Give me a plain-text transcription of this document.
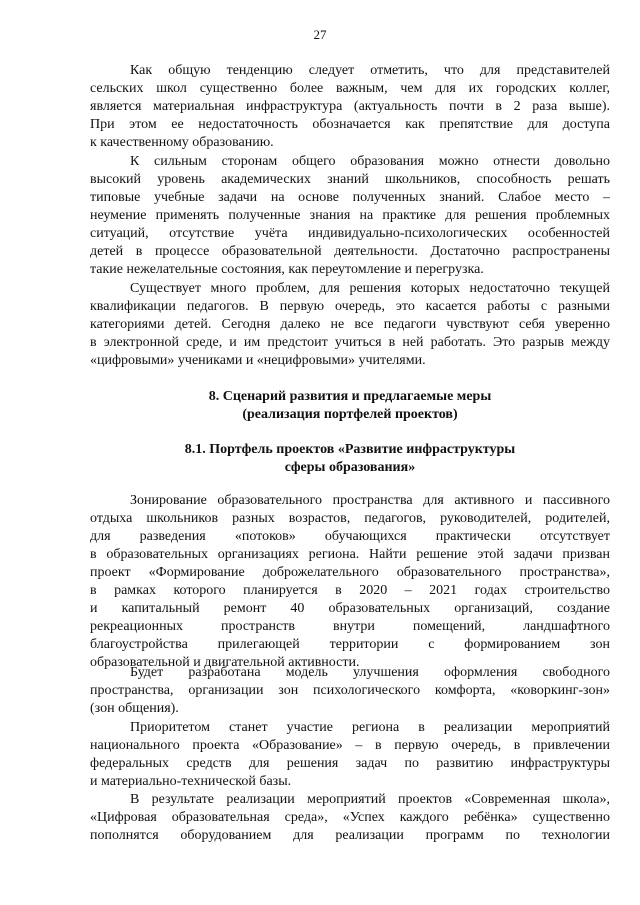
27
Как общую тенденцию следует отметить, что для представителей
сельских школ существенно более важным, чем для их городских коллег,
является материальная инфраструктура (актуальность почти в 2 раза выше).
При этом ее недостаточность обозначается как препятствие для доступа
к качественному образованию.
К сильным сторонам общего образования можно отнести довольно
высокий уровень академических знаний школьников, способность решать
типовые учебные задачи на основе полученных знаний. Слабое место –
неумение применять полученные знания на практике для решения проблемных
ситуаций, отсутствие учёта индивидуально-психологических особенностей
детей в процессе образовательной деятельности. Достаточно распространены
такие нежелательные состояния, как переутомление и перегрузка.
Существует много проблем, для решения которых недостаточно текущей
квалификации педагогов. В первую очередь, это касается работы с разными
категориями детей. Сегодня далеко не все педагоги чувствуют себя уверенно
в электронной среде, и им предстоит учиться в ней работать. Это разрыв между
«цифровыми» учениками и «нецифровыми» учителями.
8. Сценарий развития и предлагаемые меры
(реализация портфелей проектов)
8.1. Портфель проектов «Развитие инфраструктуры
сферы образования»
Зонирование образовательного пространства для активного и пассивного
отдыха школьников разных возрастов, педагогов, руководителей, родителей,
для разведения «потоков» обучающихся практически отсутствует
в образовательных организациях региона. Найти решение этой задачи призван
проект «Формирование доброжелательного образовательного пространства»,
в рамках которого планируется в 2020 – 2021 годах строительство
и капитальный ремонт 40 образовательных организаций, создание
рекреационных пространств внутри помещений, ландшафтного
благоустройства прилегающей территории с формированием зон
образовательной и двигательной активности.
Будет разработана модель улучшения оформления свободного
пространства, организации зон психологического комфорта, «коворкинг-зон»
(зон общения).
Приоритетом станет участие региона в реализации мероприятий
национального проекта «Образование» – в первую очередь, в привлечении
федеральных средств для решения задач по развитию инфраструктуры
и материально-технической базы.
В результате реализации мероприятий проектов «Современная школа»,
«Цифровая образовательная среда», «Успех каждого ребёнка» существенно
пополнятся оборудованием для реализации программ по технологии
